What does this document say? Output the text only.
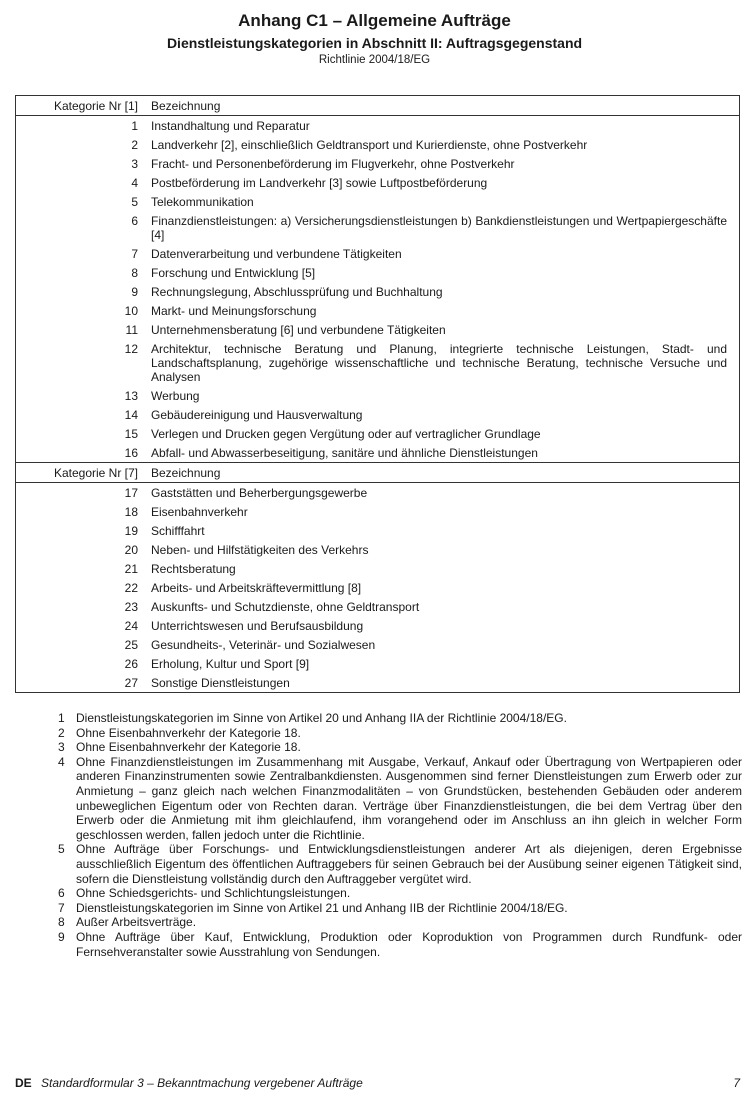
Anhang C1 – Allgemeine Aufträge
Dienstleistungskategorien in Abschnitt II: Auftragsgegenstand
Richtlinie 2004/18/EG
Kategorie Nr [1]	Bezeichnung
1	Instandhaltung und Reparatur
2	Landverkehr [2], einschließlich Geldtransport und Kurierdienste, ohne Postverkehr
3	Fracht- und Personenbeförderung im Flugverkehr, ohne Postverkehr
4	Postbeförderung im Landverkehr [3] sowie Luftpostbeförderung
5	Telekommunikation
6	Finanzdienstleistungen: a) Versicherungsdienstleistungen b) Bankdienstleistungen und Wertpapiergeschäfte [4]
7	Datenverarbeitung und verbundene Tätigkeiten
8	Forschung und Entwicklung [5]
9	Rechnungslegung, Abschlussprüfung und Buchhaltung
10	Markt- und Meinungsforschung
11	Unternehmensberatung [6] und verbundene Tätigkeiten
12	Architektur, technische Beratung und Planung, integrierte technische Leistungen, Stadt- und Landschaftsplanung, zugehörige wissenschaftliche und technische Beratung, technische Versuche und Analysen
13	Werbung
14	Gebäudereinigung und Hausverwaltung
15	Verlegen und Drucken gegen Vergütung oder auf vertraglicher Grundlage
16	Abfall- und Abwasserbeseitigung, sanitäre und ähnliche Dienstleistungen
Kategorie Nr [7]	Bezeichnung
17	Gaststätten und Beherbergungsgewerbe
18	Eisenbahnverkehr
19	Schifffahrt
20	Neben- und Hilfstätigkeiten des Verkehrs
21	Rechtsberatung
22	Arbeits- und Arbeitskräftevermittlung [8]
23	Auskunfts- und Schutzdienste, ohne Geldtransport
24	Unterrichtswesen und Berufsausbildung
25	Gesundheits-, Veterinär- und Sozialwesen
26	Erholung, Kultur und Sport [9]
27	Sonstige Dienstleistungen
1 Dienstleistungskategorien im Sinne von Artikel 20 und Anhang IIA der Richtlinie 2004/18/EG.
2 Ohne Eisenbahnverkehr der Kategorie 18.
3 Ohne Eisenbahnverkehr der Kategorie 18.
4 Ohne Finanzdienstleistungen im Zusammenhang mit Ausgabe, Verkauf, Ankauf oder Übertragung von Wertpapieren oder anderen Finanzinstrumenten sowie Zentralbankdiensten. Ausgenommen sind ferner Dienstleistungen zum Erwerb oder zur Anmietung – ganz gleich nach welchen Finanzmodalitäten – von Grundstücken, bestehenden Gebäuden oder anderem unbeweglichen Eigentum oder von Rechten daran. Verträge über Finanzdienstleistungen, die bei dem Vertrag über den Erwerb oder die Anmietung mit ihm gleichlaufend, ihm vorangehend oder im Anschluss an ihn gleich in welcher Form geschlossen werden, fallen jedoch unter die Richtlinie.
5 Ohne Aufträge über Forschungs- und Entwicklungsdienstleistungen anderer Art als diejenigen, deren Ergebnisse ausschließlich Eigentum des öffentlichen Auftraggebers für seinen Gebrauch bei der Ausübung seiner eigenen Tätigkeit sind, sofern die Dienstleistung vollständig durch den Auftraggeber vergütet wird.
6 Ohne Schiedsgerichts- und Schlichtungsleistungen.
7 Dienstleistungskategorien im Sinne von Artikel 21 und Anhang IIB der Richtlinie 2004/18/EG.
8 Außer Arbeitsverträge.
9 Ohne Aufträge über Kauf, Entwicklung, Produktion oder Koproduktion von Programmen durch Rundfunk- oder Fernsehveranstalter sowie Ausstrahlung von Sendungen.
DE Standardformular 3 – Bekanntmachung vergebener Aufträge	7
